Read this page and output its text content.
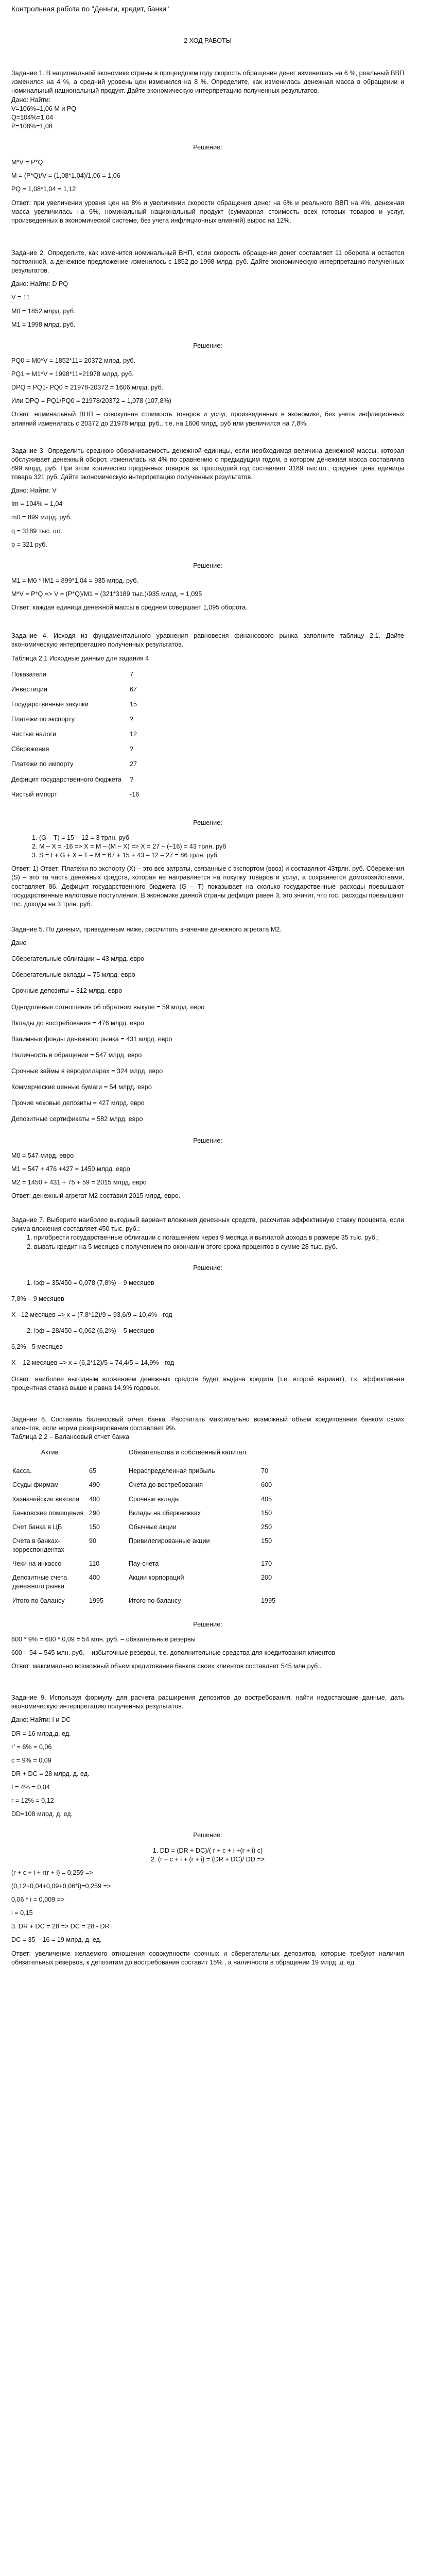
Контрольная работа по "Деньги, кредит, банки"

2 ХОД РАБОТЫ

Задание 1. В национальной экономике страны в процеедшем году скорость обращения денег изменилась на 6 %, реальный ВВП изменился на 4 %, а средний уровень цен изменился на 8 %. Определите, как изменилась денежная масса в обращении и номинальный национальный продукт. Дайте экономическую интерпретацию полученных результатов.

Дано: Найти:

V=106%=1,06 M и PQ

Q=104%=1,04

P=108%=1,08

Решение:

M*V = P*Q

M = (P*Q)/V = (1,08*1,04)/1,06 = 1,06

PQ = 1,08*1,04 = 1,12

Ответ: при увеличении уровня цен на 8% и увеличении скорости обращения денег на 6% и реального ВВП на 4%, денежная масса увеличилась на 6%, номинальный национальный продукт (суммарная стоимость всех готовых товаров и услуг, произведенных в экономической системе, без учета инфляционных влияний) вырос на 12%.

Задание 2. Определите, как изменится номинальный ВНП, если скорость обращения денег составляет 11 оборота и остается постоянной, а денежное предложение изменилось с 1852 до 1998 млрд. руб. Дайте экономическую интерпретацию полученных результатов.

Дано: Найти: D PQ

V = 11

M0 = 1852 млрд. руб.

M1 = 1998 млрд. руб.

Решение:

PQ0 = M0*V = 1852*11= 20372 млрд. руб.

PQ1 = M1*V = 1998*11=21978 млрд. руб.

DPQ = PQ1- PQ0 = 21978-20372 = 1606 млрд. руб.

Или DPQ = PQ1/PQ0 = 21978/20372 = 1,078 (107,8%)

Ответ: номинальный ВНП – совокупная стоимость товаров и услуг, произведенных в экономике, без учета инфляционных влияний изменилась с 20372 до 21978 млрд. руб., т.е. на 1606 млрд. руб или увеличился на 7,8%.

Задание 3. Определить среднюю оборачиваемость денежной единицы, если необходимая величина денежной массы, которая обслуживает денежный оборот, изменилась на 4% по сравнению с предыдущим годом, в котором денежная масса составляла 899 млрд. руб. При этом количество проданных товаров за прошедший год составляет 3189 тыс.шт., средняя цена единицы товара 321 руб. Дайте экономическую интерпретацию полученных результатов.

Дано: Найти: V

Im = 104% = 1,04

m0 = 899 млрд. руб.

q = 3189 тыс. шт.

p = 321 руб.

Решение:

M1 = M0 * IM1 = 899*1,04 = 935 млрд. руб.

M*V = P*Q => V = (P*Q)/M1 = (321*3189 тыс.)/935 млрд. = 1,095

Ответ: каждая единица денежной массы в среднем совершает 1,095 оборота.

Задание 4. Исходя из фундаментального уравнения равновесия финансового рынка заполните таблицу 2.1. Дайте экономическую интерпретацию полученных результатов.

Таблица 2.1 Исходные данные для задания 4

Показатели	7
Инвестиции	67
Государственные закупки	15
Платежи по экспорту	?
Чистые налоги	12
Сбережения	?
Платежи по импорту	27
Дефицит государственного бюджета	?
Чистый импорт	-16

Решение:

1. (G – T) = 15 – 12 = 3 трлн. руб

2. M – X = -16 => X = M – (M – X) => X = 27 – (–16) = 43 трлн. руб

3. S = I + G + X – T – M = 67 + 15 + 43 – 12 – 27 = 86 трлн. руб

Ответ: 1) Ответ: Платежи по экспорту (X) – это все затраты, связанные с экспортом (ввоз) и составляют 43трлн. руб. Сбережения (S) – это та часть денежных средств, которая не направляется на покупку товаров и услуг, а сохраняется домохозяйствами, составляет 86. Дефицит государственного бюджета (G – T) показывает на сколько государственные расходы превышают государственные налоговые поступления. В экономике данной страны дефицит равен 3, это значит, что гос. расходы превышают гос. доходы на 3 трлн. руб.

Задание 5. По данным, приведенным ниже, рассчитать значение денежного агрегата М2.

Дано

Сберегательные облигации = 43 млрд. евро

Сберегательные вклады = 75 млрд. евро

Срочные депозиты = 312 млрд. евро

Однодолевые сотношения об обратном выкупе = 59 млрд. евро

Вклады до востребования = 476 млрд. евро

Взаимные фонды денежного рынка = 431 млрд. евро

Наличность в обращении = 547 млрд. евро

Срочные займы в евродолларах = 324 млрд. евро

Коммерческие ценные бумаги = 54 млрд. евро

Прочие чековые депозиты = 427 млрд. евро

Депозитные сертификаты = 582 млрд. евро

Решение:

M0 = 547 млрд. евро

M1 = 547 + 476 +427 = 1450 млрд. евро

M2 = 1450 + 431 + 75 + 59 = 2015 млрд. евро

Ответ: денежный агрегат М2 составил 2015 млрд. евро.

Задание 7. Выберите наиболее выгодный вариант вложения денежных средств, рассчитав эффективную ставку процента, если сумма вложения составляет 450 тыс. руб.:

1. приобрести государственные облигации с погашением через 9 месяца и выплатой дохода в размере 35 тыс. руб.;

2. вывать кредит на 5 месяцев с получением по окончании этого срока процентов в сумме 28 тыс. руб.

Решение:

1. Iэф = 35/450 = 0,078 (7,8%) – 9 месяцев

7,8% – 9 месяцев

X –12 месяцев => x = (7,8*12)/9 = 93,6/9 = 10,4% - год

2. Iэф = 28/450 = 0,062 (6,2%) – 5 месяцев

6,2% - 5 месяцев

X – 12 месяцев => x = (6,2*12)/5 = 74,4/5 = 14,9% - год

Ответ: наиболее выгодным вложением денежных средств будет выдача кредита (т.е. второй вариант), т.к. эффективная процентная ставка выше и равна 14,9% годовых.

Задание 8. Составить балансовый отчет банка. Рассчитать максимально возможный объем кредитования банком своих клиентов, если норма резервирования составляет 9%.

Таблица 2.2 – Балансовый отчет банка

Актив		Обязательства и собственный капитал	
Касса.	65	Нераспределенная прибыль	70
Ссуды фирмам	490	Счета до востребования	600
Казначейские векселя	400	Срочные вклады	405
Банковские помещения	290	Вклады на сберкнижках	150
Счет банка в ЦБ	150	Обычные акции	250
Счета в банках-корреспондентах	90	Привилегированные акции	150
Чеки на инкассо	110	Пау-счета	170
Депозитные счета денежного рынка	400	Акции корпораций	200
Итого по балансу	1995	Итого по балансу	1995

Решение:

600 * 9% = 600 * 0,09 = 54 млн. руб. – обязательные резервы

600 – 54 = 545 млн. руб. – избыточные резервы, т.е. дополнительные средства для кредитования клиентов

Ответ: максимально возможный объем кредитования банков своих клиентов составляет 545 млн.руб..

Задание 9. Используя формулу для расчета расширения депозитов до востребования, найти недостающие данные, дать экономическую интерпретацию полученных результатов.

Дано: Найти: I и DC

DR = 16 млрд.д. ед.

r’ = 6% = 0,06

с = 9% = 0,09

DR + DC = 28 млрд. д. ед.

I = 4% = 0,04

r = 12% = 0,12

DD=108 млрд. д. ед.

Решение:

1. DD = (DR + DC)/( r + c + i +(r + i) c)

2. (r + c + i + (r + i) = (DR + DC)/ DD =>

(r + c + i + r(r + i) = 0,259 =>

(0,12+0,04+0,09+0,06*i)=0,259 =>

0,06 * i = 0,009 =>

i = 0,15

3. DR + DC = 28 => DC = 28 - DR

DC = 35 – 16 = 19 млрд. д. ед.

Ответ: увеличение желаемого отношения совокупности срочных и сберегательных депозитов, которые требуют наличия обязательных резервов, к депозитам до востребования составит 15% , а наличности в обращении 19 млрд. д. ед.
